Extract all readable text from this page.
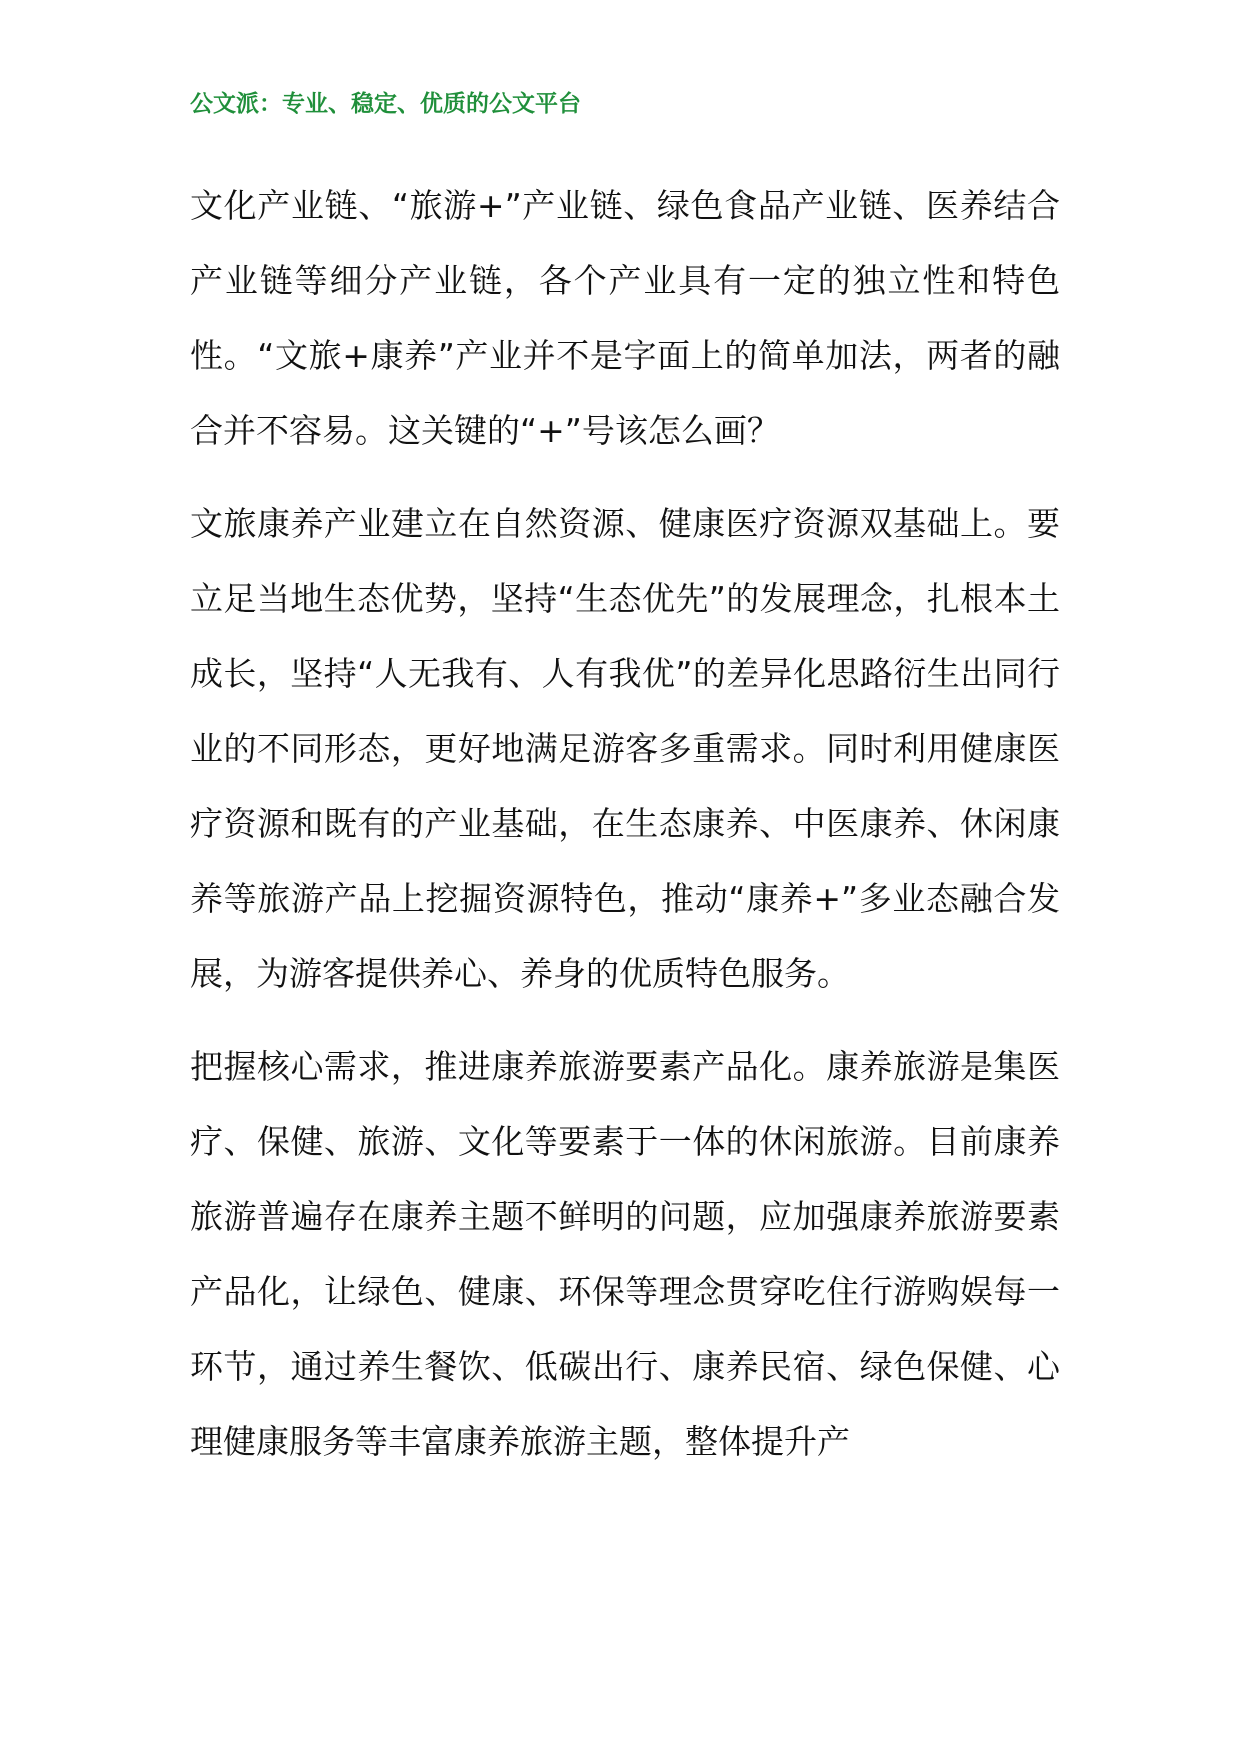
公文派：专业、稳定、优质的公文平台

文化产业链、“旅游+”产业链、绿色食品产业链、医养结合产业链等细分产业链，各个产业具有一定的独立性和特色性。“文旅+康养”产业并不是字面上的简单加法，两者的融合并不容易。这关键的“+”号该怎么画？

文旅康养产业建立在自然资源、健康医疗资源双基础上。要立足当地生态优势，坚持“生态优先”的发展理念，扎根本土成长，坚持“人无我有、人有我优”的差异化思路衍生出同行业的不同形态，更好地满足游客多重需求。同时利用健康医疗资源和既有的产业基础，在生态康养、中医康养、休闲康养等旅游产品上挖掘资源特色，推动“康养+”多业态融合发展，为游客提供养心、养身的优质特色服务。

把握核心需求，推进康养旅游要素产品化。康养旅游是集医疗、保健、旅游、文化等要素于一体的休闲旅游。目前康养旅游普遍存在康养主题不鲜明的问题，应加强康养旅游要素产品化，让绿色、健康、环保等理念贯穿吃住行游购娱每一环节，通过养生餐饮、低碳出行、康养民宿、绿色保健、心理健康服务等丰富康养旅游主题，整体提升产
